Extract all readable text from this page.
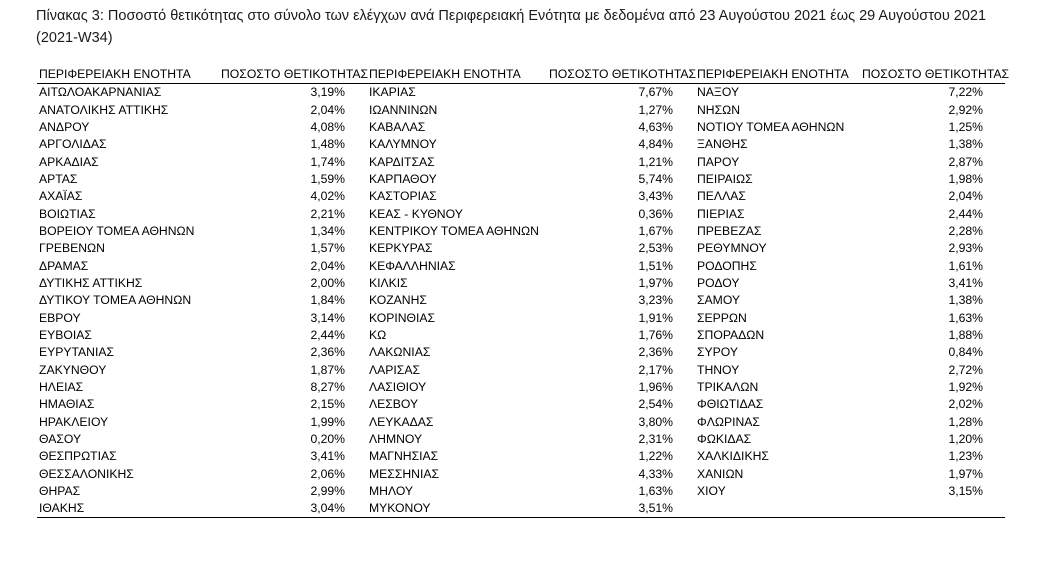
Πίνακας 3: Ποσοστό θετικότητας στο σύνολο των ελέγχων ανά Περιφερειακή Ενότητα με δεδομένα από 23 Αυγούστου 2021 έως 29 Αυγούστου 2021 (2021-W34)
ΠΕΡΙΦΕΡΕΙΑΚΗ ΕΝΟΤΗΤΑ	ΠΟΣΟΣΤΟ ΘΕΤΙΚΟΤΗΤΑΣ	ΠΕΡΙΦΕΡΕΙΑΚΗ ΕΝΟΤΗΤΑ	ΠΟΣΟΣΤΟ ΘΕΤΙΚΟΤΗΤΑΣ	ΠΕΡΙΦΕΡΕΙΑΚΗ ΕΝΟΤΗΤΑ	ΠΟΣΟΣΤΟ ΘΕΤΙΚΟΤΗΤΑΣ
ΑΙΤΩΛΟΑΚΑΡΝΑΝΙΑΣ	3,19%	ΙΚΑΡΙΑΣ	7,67%	ΝΑΞΟΥ	7,22%
ΑΝΑΤΟΛΙΚΗΣ ΑΤΤΙΚΗΣ	2,04%	ΙΩΑΝΝΙΝΩΝ	1,27%	ΝΗΣΩΝ	2,92%
ΑΝΔΡΟΥ	4,08%	ΚΑΒΑΛΑΣ	4,63%	ΝΟΤΙΟΥ ΤΟΜΕΑ ΑΘΗΝΩΝ	1,25%
ΑΡΓΟΛΙΔΑΣ	1,48%	ΚΑΛΥΜΝΟΥ	4,84%	ΞΑΝΘΗΣ	1,38%
ΑΡΚΑΔΙΑΣ	1,74%	ΚΑΡΔΙΤΣΑΣ	1,21%	ΠΑΡΟΥ	2,87%
ΑΡΤΑΣ	1,59%	ΚΑΡΠΑΘΟΥ	5,74%	ΠΕΙΡΑΙΩΣ	1,98%
ΑΧΑΪΑΣ	4,02%	ΚΑΣΤΟΡΙΑΣ	3,43%	ΠΕΛΛΑΣ	2,04%
ΒΟΙΩΤΙΑΣ	2,21%	ΚΕΑΣ - ΚΥΘΝΟΥ	0,36%	ΠΙΕΡΙΑΣ	2,44%
ΒΟΡΕΙΟΥ ΤΟΜΕΑ ΑΘΗΝΩΝ	1,34%	ΚΕΝΤΡΙΚΟΥ ΤΟΜΕΑ ΑΘΗΝΩΝ	1,67%	ΠΡΕΒΕΖΑΣ	2,28%
ΓΡΕΒΕΝΩΝ	1,57%	ΚΕΡΚΥΡΑΣ	2,53%	ΡΕΘΥΜΝΟΥ	2,93%
ΔΡΑΜΑΣ	2,04%	ΚΕΦΑΛΛΗΝΙΑΣ	1,51%	ΡΟΔΟΠΗΣ	1,61%
ΔΥΤΙΚΗΣ ΑΤΤΙΚΗΣ	2,00%	ΚΙΛΚΙΣ	1,97%	ΡΟΔΟΥ	3,41%
ΔΥΤΙΚΟΥ ΤΟΜΕΑ ΑΘΗΝΩΝ	1,84%	ΚΟΖΑΝΗΣ	3,23%	ΣΑΜΟΥ	1,38%
ΕΒΡΟΥ	3,14%	ΚΟΡΙΝΘΙΑΣ	1,91%	ΣΕΡΡΩΝ	1,63%
ΕΥΒΟΙΑΣ	2,44%	ΚΩ	1,76%	ΣΠΟΡΑΔΩΝ	1,88%
ΕΥΡΥΤΑΝΙΑΣ	2,36%	ΛΑΚΩΝΙΑΣ	2,36%	ΣΥΡΟΥ	0,84%
ΖΑΚΥΝΘΟΥ	1,87%	ΛΑΡΙΣΑΣ	2,17%	ΤΗΝΟΥ	2,72%
ΗΛΕΙΑΣ	8,27%	ΛΑΣΙΘΙΟΥ	1,96%	ΤΡΙΚΑΛΩΝ	1,92%
ΗΜΑΘΙΑΣ	2,15%	ΛΕΣΒΟΥ	2,54%	ΦΘΙΩΤΙΔΑΣ	2,02%
ΗΡΑΚΛΕΙΟΥ	1,99%	ΛΕΥΚΑΔΑΣ	3,80%	ΦΛΩΡΙΝΑΣ	1,28%
ΘΑΣΟΥ	0,20%	ΛΗΜΝΟΥ	2,31%	ΦΩΚΙΔΑΣ	1,20%
ΘΕΣΠΡΩΤΙΑΣ	3,41%	ΜΑΓΝΗΣΙΑΣ	1,22%	ΧΑΛΚΙΔΙΚΗΣ	1,23%
ΘΕΣΣΑΛΟΝΙΚΗΣ	2,06%	ΜΕΣΣΗΝΙΑΣ	4,33%	ΧΑΝΙΩΝ	1,97%
ΘΗΡΑΣ	2,99%	ΜΗΛΟΥ	1,63%	ΧΙΟΥ	3,15%
ΙΘΑΚΗΣ	3,04%	ΜΥΚΟΝΟΥ	3,51%		
